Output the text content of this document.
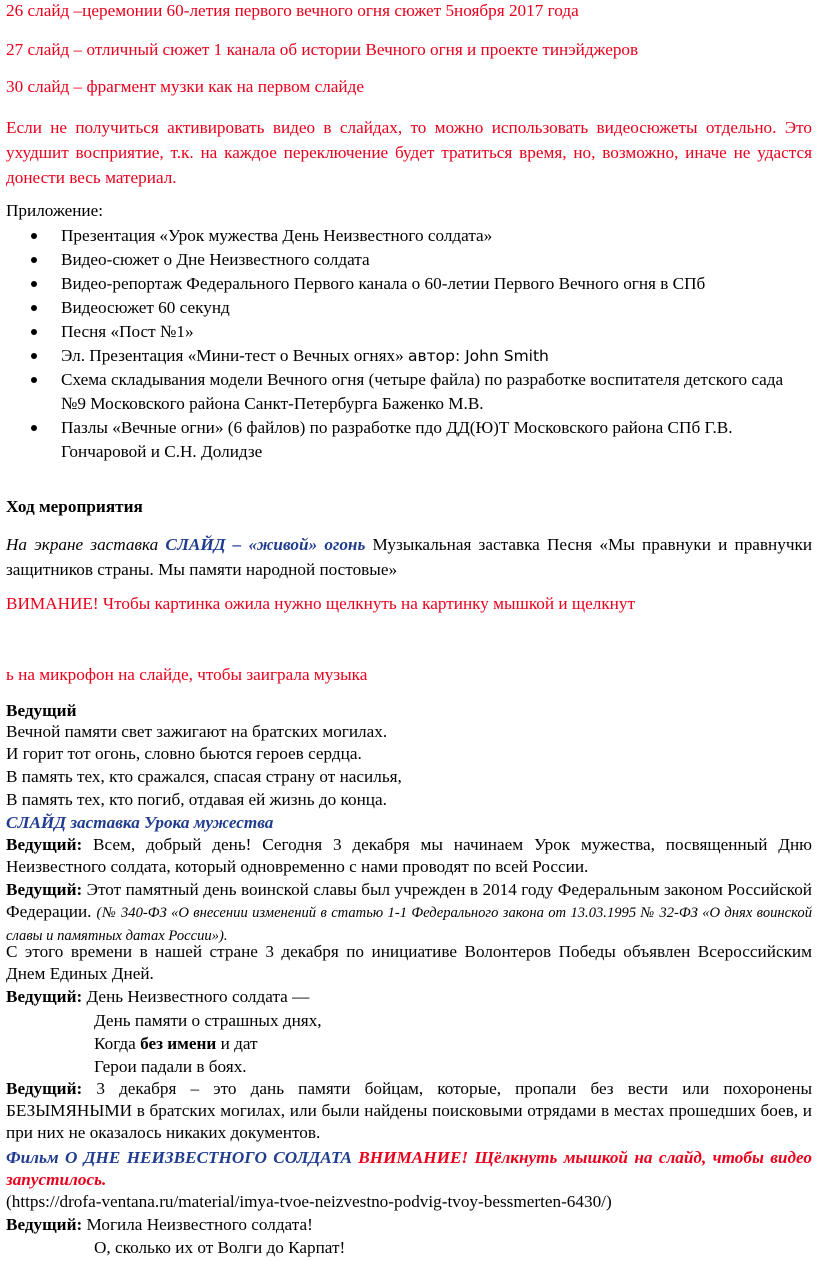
26 слайд –церемонии 60-летия первого вечного огня сюжет 5ноября 2017 года
27 слайд – отличный сюжет 1 канала об истории Вечного огня и проекте тинэйджеров
30 слайд – фрагмент музки как на первом слайде
Если не получиться активировать видео в слайдах, то можно использовать видеосюжеты отдельно. Это ухудшит восприятие, т.к. на каждое переключение будет тратиться время, но, возможно, иначе не удастся донести весь материал.
Приложение:
Презентация «Урок мужества День Неизвестного солдата»
Видео-сюжет о Дне Неизвестного солдата
Видео-репортаж Федерального Первого канала о 60-летии Первого Вечного огня в СПб
Видеосюжет 60 секунд
Песня «Пост №1»
Эл. Презентация «Мини-тест о Вечных огнях» автор: John Smith
Схема складывания модели Вечного огня (четыре файла) по разработке воспитателя детского сада №9 Московского района Санкт-Петербурга Баженко М.В.
Пазлы «Вечные огни» (6 файлов) по разработке пдо ДД(Ю)Т Московского района СПб Г.В. Гончаровой и С.Н. Долидзе
Ход мероприятия
На экране заставка СЛАЙД – «живой» огонь Музыкальная заставка Песня «Мы правнуки и правнучки защитников страны. Мы памяти народной постовые»
ВИМАНИЕ! Чтобы картинка ожила нужно щелкнуть на картинку мышкой и щелкнут
ь на микрофон на слайде, чтобы заиграла музыка
Ведущий
Вечной памяти свет зажигают на братских могилах.
И горит тот огонь, словно бьются героев сердца.
В память тех, кто сражался, спасая страну от насилья,
В память тех, кто погиб, отдавая ей жизнь до конца.
СЛАЙД заставка Урока мужества
Ведущий: Всем, добрый день! Сегодня 3 декабря мы начинаем Урок мужества, посвященный Дню Неизвестного солдата, который одновременно с нами проводят по всей России.
Ведущий: Этот памятный день воинской славы был учрежден в 2014 году Федеральным законом Российской Федерации. (№ 340-ФЗ «О внесении изменений в статью 1-1 Федерального закона от 13.03.1995 № 32-ФЗ «О днях воинской славы и памятных датах России»).
С этого времени в нашей стране 3 декабря по инициативе Волонтеров Победы объявлен Всероссийским Днем Единых Дней.
Ведущий: День Неизвестного солдата —
День памяти о страшных днях,
Когда без имени и дат
Герои падали в боях.
Ведущий: 3 декабря – это дань памяти бойцам, которые, пропали без вести или похоронены БЕЗЫМЯНЫМИ в братских могилах, или были найдены поисковыми отрядами в местах прошедших боев, и при них не оказалось никаких документов.
Фильм О ДНЕ НЕИЗВЕСТНОГО СОЛДАТА ВНИМАНИЕ! Щёлкнуть мышкой на слайд, чтобы видео запустилось.
(https://drofa-ventana.ru/material/imya-tvoe-neizvestno-podvig-tvoy-bessmerten-6430/)
Ведущий: Могила Неизвестного солдата!
О, сколько их от Волги до Карпат!
